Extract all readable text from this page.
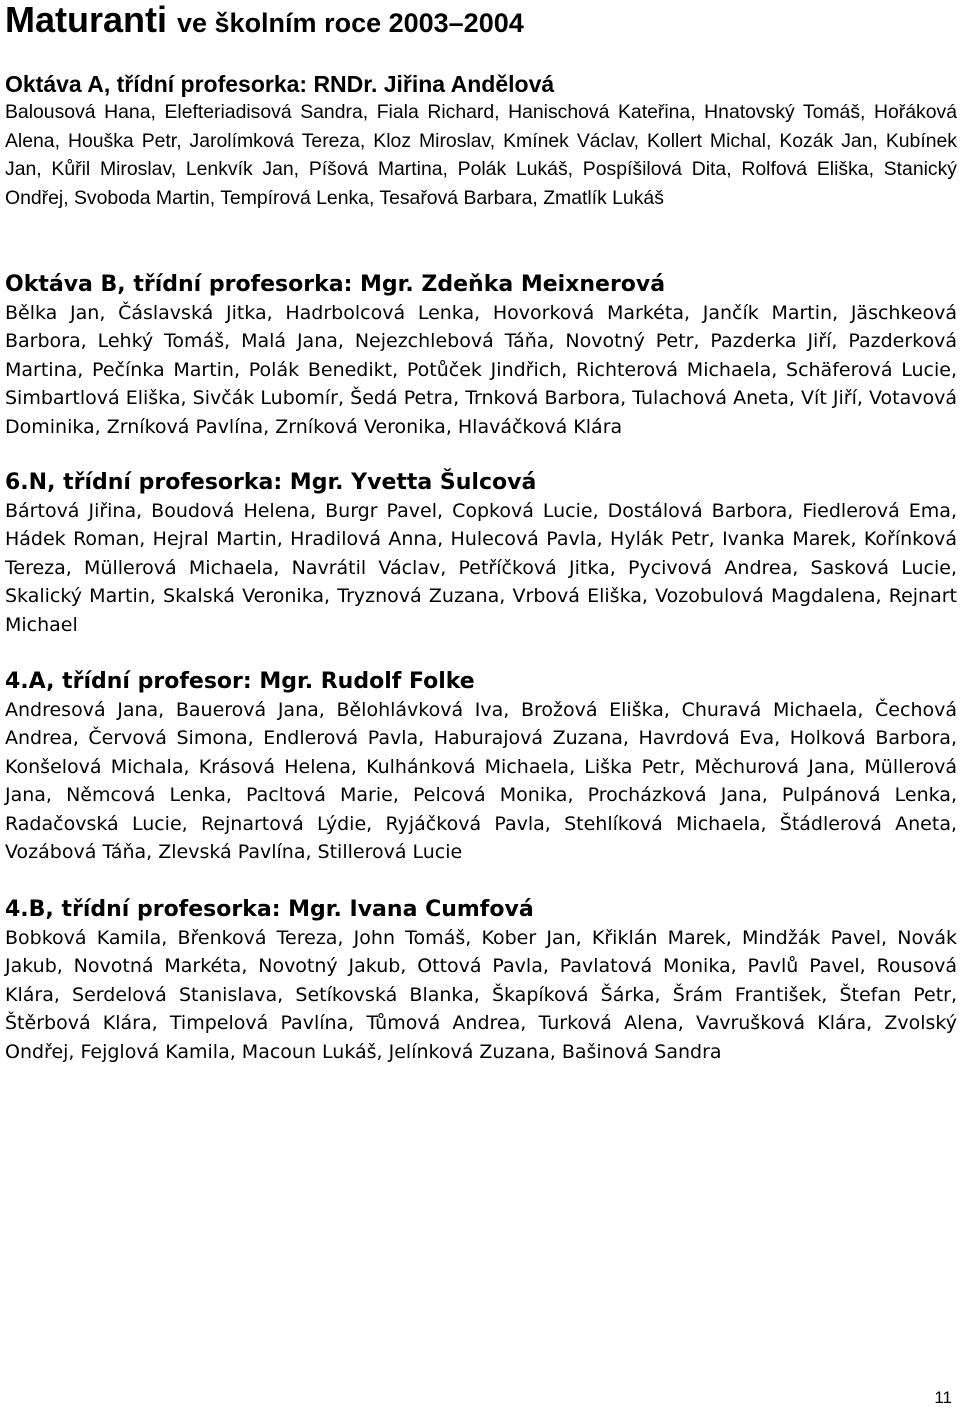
Maturanti ve školním roce 2003–2004
Oktáva A, třídní profesorka: RNDr. Jiřina Andělová

Balousová Hana, Elefteriadisová Sandra, Fiala Richard, Hanischová Kateřina, Hnatovský Tomáš, Hořáková Alena, Houška Petr, Jarolímková Tereza, Kloz Miroslav, Kmínek Václav, Kollert Michal, Kozák Jan, Kubínek Jan, Kůřil Miroslav, Lenkvík Jan, Píšová Martina, Polák Lukáš, Pospíšilová Dita, Rolfová Eliška, Stanický Ondřej, Svoboda Martin, Tempírová Lenka, Tesařová Barbara, Zmatlík Lukáš

Oktáva B, třídní profesorka: Mgr. Zdeňka Meixnerová

Bělka Jan, Čáslavská Jitka, Hadrbolcová Lenka, Hovorková Markéta, Jančík Martin, Jäschkeová Barbora, Lehký Tomáš, Malá Jana, Nejezchlebová Táňa, Novotný Petr, Pazderka Jiří, Pazderková Martina, Pečínka Martin, Polák Benedikt, Potůček Jindřich, Richterová Michaela, Schäferová Lucie, Simbartlová Eliška, Sivčák Lubomír, Šedá Petra, Trnková Barbora, Tulachová Aneta, Vít Jiří, Votavová Dominika, Zrníková Pavlína, Zrníková Veronika, Hlaváčková Klára

6.N, třídní profesorka: Mgr. Yvetta Šulcová

Bártová Jiřina, Boudová Helena, Burgr Pavel, Copková Lucie, Dostálová Barbora, Fiedlerová Ema, Hádek Roman, Hejral Martin, Hradilová Anna, Hulecová Pavla, Hylák Petr, Ivanka Marek, Kořínková Tereza, Müllerová Michaela, Navrátil Václav, Petříčková Jitka, Pycivová Andrea, Sasková Lucie, Skalický Martin, Skalská Veronika, Tryznová Zuzana, Vrbová Eliška, Vozobulová Magdalena, Rejnart Michael

4.A, třídní profesor: Mgr. Rudolf Folke

Andresová Jana, Bauerová Jana, Bělohlávková Iva, Brožová Eliška, Churavá Michaela, Čechová Andrea, Červová Simona, Endlerová Pavla, Haburajová Zuzana, Havrdová Eva, Holková Barbora, Konšelová Michala, Krásová Helena, Kulhánková Michaela, Liška Petr, Měchurová Jana, Müllerová Jana, Němcová Lenka, Pacltová Marie, Pelcová Monika, Procházková Jana, Pulpánová Lenka, Radačovská Lucie, Rejnartová Lýdie, Ryjáčková Pavla, Stehlíková Michaela, Štádlerová Aneta, Vozábová Táňa, Zlevská Pavlína, Stillerová Lucie

4.B, třídní profesorka: Mgr. Ivana Cumfová

Bobková Kamila, Břenková Tereza, John Tomáš, Kober Jan, Křiklán Marek, Mindžák Pavel, Novák Jakub, Novotná Markéta, Novotný Jakub, Ottová Pavla, Pavlatová Monika, Pavlů Pavel, Rousová Klára, Serdelová Stanislava, Setíkovská Blanka, Škapíková Šárka, Šrám František, Štefan Petr, Štěrbová Klára, Timpelová Pavlína, Tůmová Andrea, Turková Alena, Vavrušková Klára, Zvolský Ondřej, Fejglová Kamila, Macoun Lukáš, Jelínková Zuzana, Bašinová Sandra

11
